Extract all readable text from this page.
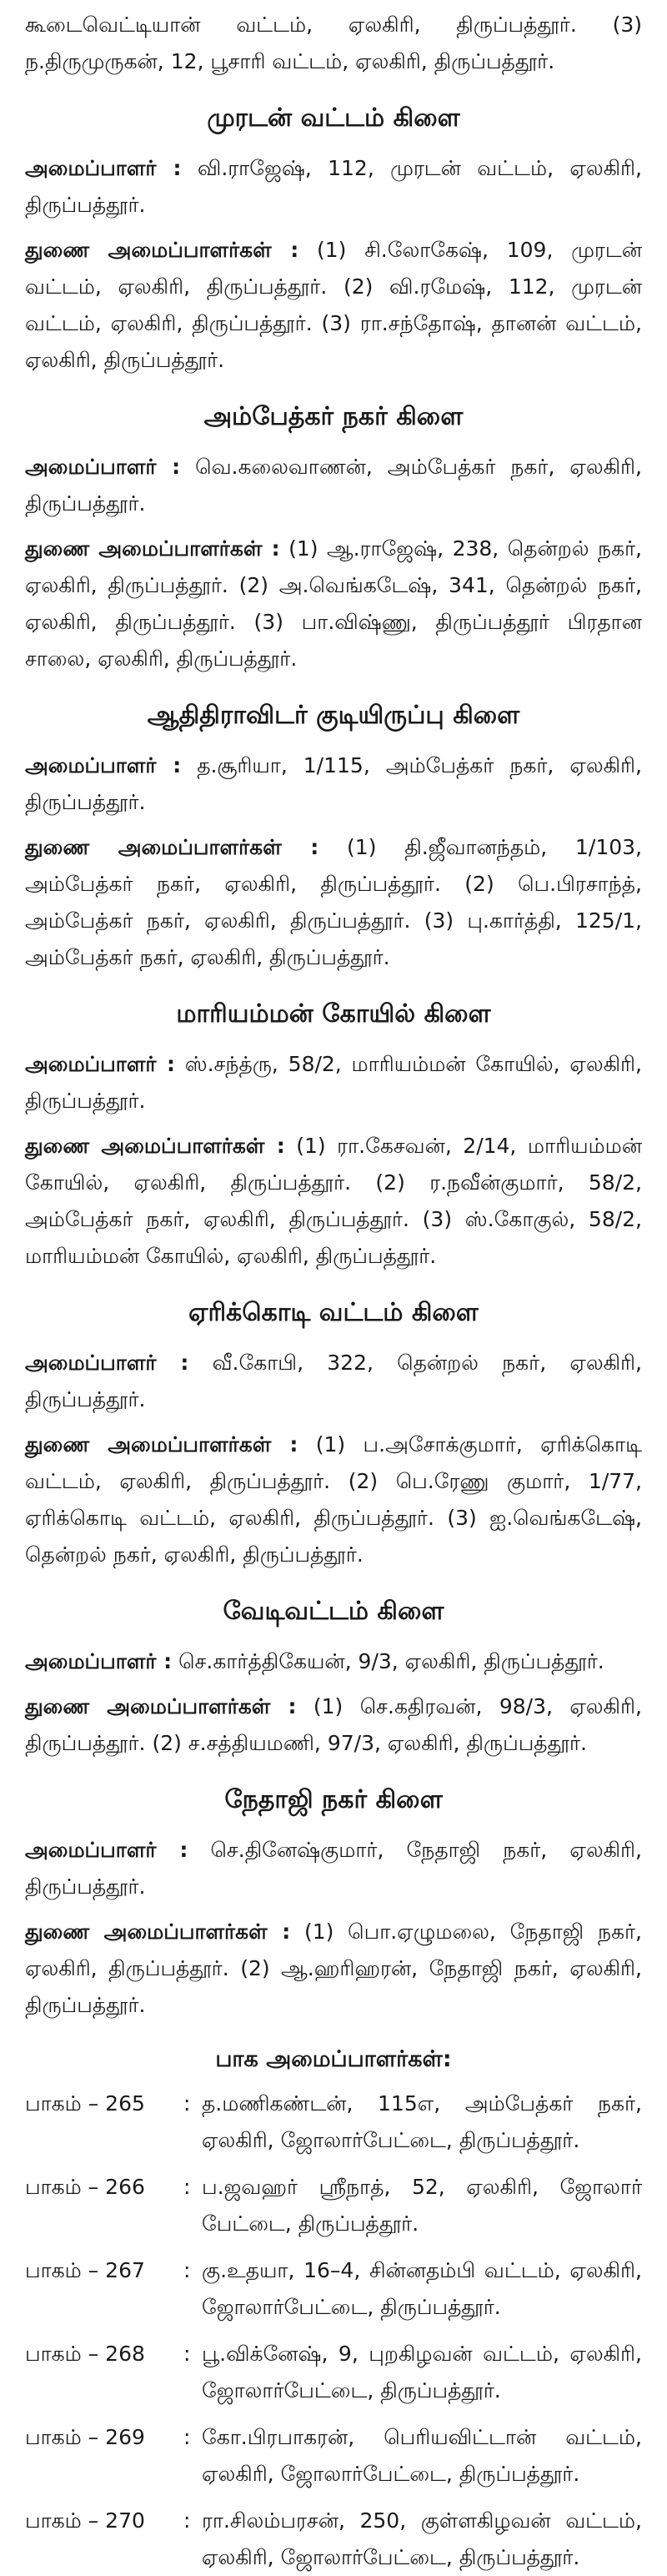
கூடைவெட்டியான் வட்டம், ஏலகிரி, திருப்பத்தூர். (3) ந.திருமுருகன், 12, பூசாரி வட்டம், ஏலகிரி, திருப்பத்தூர்.

முரடன் வட்டம் கிளை

அமைப்பாளர் : வி.ராஜேஷ், 112, முரடன் வட்டம், ஏலகிரி, திருப்பத்தூர்.

துணை அமைப்பாளர்கள் : (1) சி.லோகேஷ், 109, முரடன் வட்டம், ஏலகிரி, திருப்பத்தூர். (2) வி.ரமேஷ், 112, முரடன் வட்டம், ஏலகிரி, திருப்பத்தூர். (3) ரா.சந்தோஷ், தானன் வட்டம், ஏலகிரி, திருப்பத்தூர்.

அம்பேத்கர் நகர் கிளை

அமைப்பாளர் : வெ.கலைவாணன், அம்பேத்கர் நகர், ஏலகிரி, திருப்பத்தூர்.

துணை அமைப்பாளர்கள் : (1) ஆ.ராஜேஷ், 238, தென்றல் நகர், ஏலகிரி, திருப்பத்தூர். (2) அ.வெங்கடேஷ், 341, தென்றல் நகர், ஏலகிரி, திருப்பத்தூர். (3) பா.விஷ்ணு, திருப்பத்தூர் பிரதான சாலை, ஏலகிரி, திருப்பத்தூர்.

ஆதிதிராவிடர் குடியிருப்பு கிளை

அமைப்பாளர் : த.சூரியா, 1/115, அம்பேத்கர் நகர், ஏலகிரி, திருப்பத்தூர்.

துணை அமைப்பாளர்கள் : (1) தி.ஜீவானந்தம், 1/103, அம்பேத்கர் நகர், ஏலகிரி, திருப்பத்தூர். (2) பெ.பிரசாந்த், அம்பேத்கர் நகர், ஏலகிரி, திருப்பத்தூர். (3) பு.கார்த்தி, 125/1, அம்பேத்கர் நகர், ஏலகிரி, திருப்பத்தூர்.

மாரியம்மன் கோயில் கிளை

அமைப்பாளர் : ஸ்.சந்த்ரு, 58/2, மாரியம்மன் கோயில், ஏலகிரி, திருப்பத்தூர்.

துணை அமைப்பாளர்கள் : (1) ரா.கேசவன், 2/14, மாரியம்மன் கோயில், ஏலகிரி, திருப்பத்தூர். (2) ர.நவீன்குமார், 58/2, அம்பேத்கர் நகர், ஏலகிரி, திருப்பத்தூர். (3) ஸ்.கோகுல், 58/2, மாரியம்மன் கோயில், ஏலகிரி, திருப்பத்தூர்.

ஏரிக்கொடி வட்டம் கிளை

அமைப்பாளர் : வீ.கோபி, 322, தென்றல் நகர், ஏலகிரி, திருப்பத்தூர்.

துணை அமைப்பாளர்கள் : (1) ப.அசோக்குமார், ஏரிக்கொடி வட்டம், ஏலகிரி, திருப்பத்தூர். (2) பெ.ரேணு குமார், 1/77, ஏரிக்கொடி வட்டம், ஏலகிரி, திருப்பத்தூர். (3) ஐ.வெங்கடேஷ், தென்றல் நகர், ஏலகிரி, திருப்பத்தூர்.

வேடிவட்டம் கிளை

அமைப்பாளர் : செ.கார்த்திகேயன், 9/3, ஏலகிரி, திருப்பத்தூர்.

துணை அமைப்பாளர்கள் : (1) செ.கதிரவன், 98/3, ஏலகிரி, திருப்பத்தூர். (2) ச.சத்தியமணி, 97/3, ஏலகிரி, திருப்பத்தூர்.

நேதாஜி நகர் கிளை

அமைப்பாளர் : செ.தினேஷ்குமார், நேதாஜி நகர், ஏலகிரி, திருப்பத்தூர்.

துணை அமைப்பாளர்கள் : (1) பொ.ஏழுமலை, நேதாஜி நகர், ஏலகிரி, திருப்பத்தூர். (2) ஆ.ஹரிஹரன், நேதாஜி நகர், ஏலகிரி, திருப்பத்தூர்.

பாக அமைப்பாளர்கள்:
பாகம் – 265	: த.மணிகண்டன், 115எ, அம்பேத்கர் நகர், ஏலகிரி, ஜோலார்பேட்டை, திருப்பத்தூர்.
பாகம் – 266	: ப.ஜவஹர் ஸ்ரீநாத், 52, ஏலகிரி, ஜோலார் பேட்டை, திருப்பத்தூர்.
பாகம் – 267	: கு.உதயா, 16–4, சின்னதம்பி வட்டம், ஏலகிரி, ஜோலார்பேட்டை, திருப்பத்தூர்.
பாகம் – 268	: பூ.விக்னேஷ், 9, புறகிழவன் வட்டம், ஏலகிரி, ஜோலார்பேட்டை, திருப்பத்தூர்.
பாகம் – 269	: கோ.பிரபாகரன், பெரியவிட்டான் வட்டம், ஏலகிரி, ஜோலார்பேட்டை, திருப்பத்தூர்.
பாகம் – 270	: ரா.சிலம்பரசன், 250, குள்ளகிழவன் வட்டம், ஏலகிரி, ஜோலார்பேட்டை, திருப்பத்தூர்.
